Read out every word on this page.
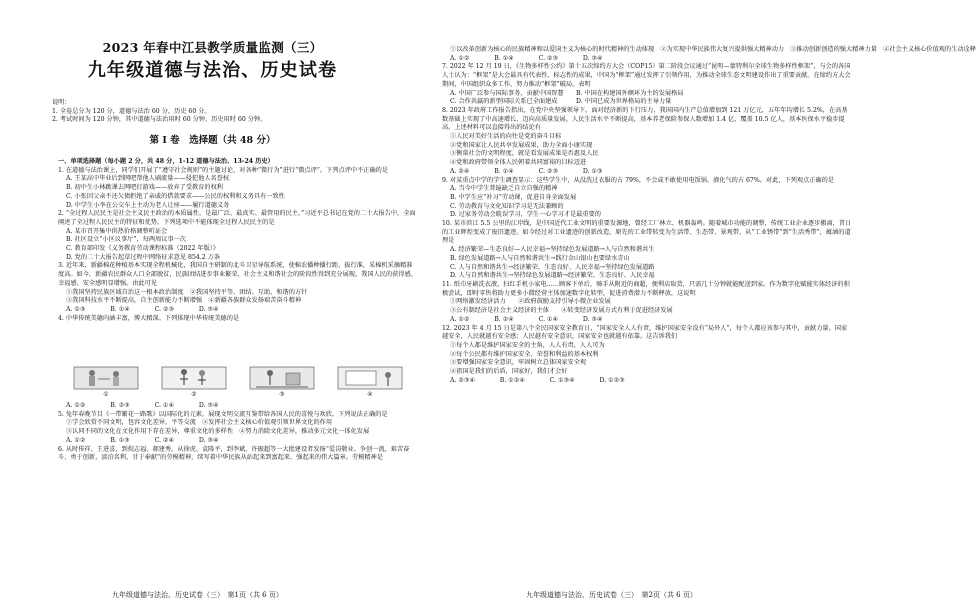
2023 年春中江县教学质量监测（三）
九年级道德与法治、历史试卷

说明：

1. 全卷总分为 120 分，道德与法治 60 分，历史 60 分。

2. 考试时间为 120 分钟，其中道德与法治用时 60 分钟，历史用时 60 分钟。

第 I 卷　选择题（共 48 分）

一、单项选择题（每小题 2 分，共 48 分，1-12 道德与法治、13-24 历史）

1. 在道德与法治课上，同学们开展了“遵守社会规则”的主题讨论，对各种“微行为”进行“微点评”。下列点评中不正确的是

A. 王某高中毕业后到网吧帮他人刷流量——侵犯他人名誉权

B. 初中生小林跳课去网吧打游戏——放弃了受教育的权利

C. 小张因父亲不还欠债拒绝了亲戚的借款要求——公民的权利和义务具有一致性

D. 中学生小李在公交车上主动为老人让座——履行道德义务

2. “全过程人民民主是社会主义民主政治的本质属性，是最广泛、最真实、最管用的民主。”习近平总书记在党的二十大报告中，全面阐述了全过程人民民主的特征和优势。下列选项中不能体现全过程人民民主的是

A. 某市召开集中供热价格调整听证会

B. 社区设立“小区议事厅”，每两周议事一次

C. 教育部印发《义务教育劳动课程标准（2022 年版）》

D. 党的二十大报告起草过程中网络征求意见 854.2 万条

3. 近年来，新疆棉花种植基本实现全程机械化，我国自主研制的北斗卫星导航系统，使棉农播种播行距、拔行准，采棉机采摘精准度高。如今，新疆农民群众人口全部脱贫，民族团结进步事业繁荣，社会主义和谐社会的阶段性得到充分展现。我国人民的获得感、幸福感、安全感明显增强。由此可见

①我国坚持民族区域自治这一根本政治制度　②我国坚持平等、团结、互助、和谐的方针

③我国科技水平不断提高，自主创新能力不断增强　④新疆各族群众发扬艰苦奋斗精神

A. ①③　　　　B. ①④　　　　C. ②③　　　　D. ③④

4. 中华传统美德内涵丰富，博大精深。下列体现中华传统美德的是

①	②	③	④

A. ①②　　　　B. ②③　　　　C. ①④　　　　D. ③④

5. 兔年春晚节目《一带繁花一路歌》以国际化的元素，展现文明交流互鉴带给各国人民的喜悦与欢欣。下列说法正确的是

①学会欣赏不同文明，包容文化差异，平等交流　②发挥社会主义核心价值观引领世界文化的作用

③认同不同的文化在文化作用下存在差异，尊重文化的多样性　④努力消除文化差异，推动多元文化一体化发展

A. ①②　　　　B. ①③　　　　C. ②④　　　　D. ③④

6. 从时传祥、王进喜，到倪志福、郝建秀，从徐虎、袁隆平，到李斌、许振超等一大批建设者发扬“爱岗敬业、争创一流，艰苦奋斗、勇于创新，淡泊名利、甘于奉献”的劳模精神，续写着中华民族从站起来到富起来、强起来的伟大篇章。劳模精神是

九年级道德与法治、历史试卷（三）　第1页（共 6 页）

①以改革创新为核心的民族精神和以爱国主义为核心的时代精神的生动体现　②为实现中华民族伟大复兴提供强大精神动力　③推动创新创造的强大精神力量　④社会主义核心价值观的生动诠释

A. ①②　　　　B. ①④　　　　C. ②③　　　　D. ③④

7. 2022 年 12 月 19 日，《生物多样性公约》第十五次缔约方大会（COP15）第二阶段会议通过“昆明—蒙特利尔全球生物多样性框架”，与会的各国人士认为：“框架”是大会最具有代表性、标志性的成果，中国为“框架”通过发挥了引领作用，为推动全球生态文明建设作出了重要贡献。在缔约方大会期间，中国组织众多工作，努力推动“框架”破局。表明

A. 中国广泛参与国际事务，贡献中国智慧　　B. 中国在构建国外额环为主的发展格局

C. 合作共赢的新型国际关系已全面建成　　　D. 中国已成为世界格局的主导力量

8. 2023 年政府工作报告指出，在党中央坚强领导下，面对经济新的下行压力，我国国内生产总值增加到 121 万亿元，五年年均增长 5.2%，在高基数基础上实现了中高速增长、迈向高质量发展。人民生活水平不断提高，基本养老保险参保人数增加 1.4 亿，覆盖 10.5 亿人，基本医保水平稳步提高。上述材料可以直接得出的结论有

①人民对美好生活的向往是党的奋斗目标

②党和国家让人民共享发展成果，助力全面小康实现

③衡量社会的文明程度，就是看发展成果是否惠及人民

④党和政府带领全体人民朝着共同富裕的目标迈进

A. ②④　　　　B. ①④　　　　C. ②③　　　　D. ①③

9. 对某重点中学的学生调查显示：这些学生中，从没洗过衣服的占 79%，不会或不敢使用电饭锅、液化气的占 67%。对此，下列观点正确的是

A. 当今中学生普遍缺乏自立自强的精神

B. 中学生应“补习”劳动课，促进自身全面发展

C. 劳动教育与文化知识学习是无法兼顾的

D. 过家务劳动会耽误学习，学生一心学习才是最重要的

10. 某市滨江 5.5 公里的江岸线，是中国近代工业文明的重要发源地，曾经工厂林立、机器轰鸣。随着城市功能的调整，传统工业企业逐步搬离，昔日的工业辉煌变成了废旧遗迹。如今经过对工业遗迹的创新改造，原先的工业带转变为生活带、生态带、景观带，从“工业锈带”到“生活秀带”，蕴涵的道理是

A. 经济繁荣—生态良好—人民幸福→坚持绿色发展道路→人与自然和谐共生

B. 绿色发展道路→人与自然和谐共生→践行金山银山也要绿水青山

C. 人与自然和谐共生→经济繁荣、生态良好、人民幸福→坚持绿色发展道路

D. 人与自然和谐共生→坚持绿色发展道路→经济繁荣、生态良好、人民幸福

11. 纸巾牙刷洗衣液，扫红手机小家电……顾客下单后，骑手从附近的商超，便利店取货，只需几十分钟就能配送到家。作为数字化赋能实体经济的积极尝试，即时零售将助力更多小微经营主体加速数字化转型，促进消费潜力不断释放，这说明

①网络激发经济活力　　②政府鼓励支持引导小微企业发展

③公有制经济是社会主义经济的主体　　④转变经济发展方式有利于促进经济发展

A. ①②　　　　B. ②④　　　　C. ①④　　　　D. ③④

12. 2023 年 4 月 15 日是第八个全民国家安全教育日，“国家安全人人有责，维护国家安全没有“局外人”，每个人都应该参与其中，贡献力量。国家越安全，人民就越有安全感；人民越有安全意识，国家安全也就越有依靠。这告诉我们

①每个人都是维护国家安全的主角，人人有责，人人可为

②每个公民都有维护国家安全、荣誉和利益的基本权利

③要增强国家安全意识，牢固树立总体国家安全观

④祖国是我们的后盾，国家好，我们才会好

A. ②③④　　　　B. ①②④　　　　C. ①③④　　　　D. ①②③

九年级道德与法治、历史试卷（三）　第2页（共 6 页）
